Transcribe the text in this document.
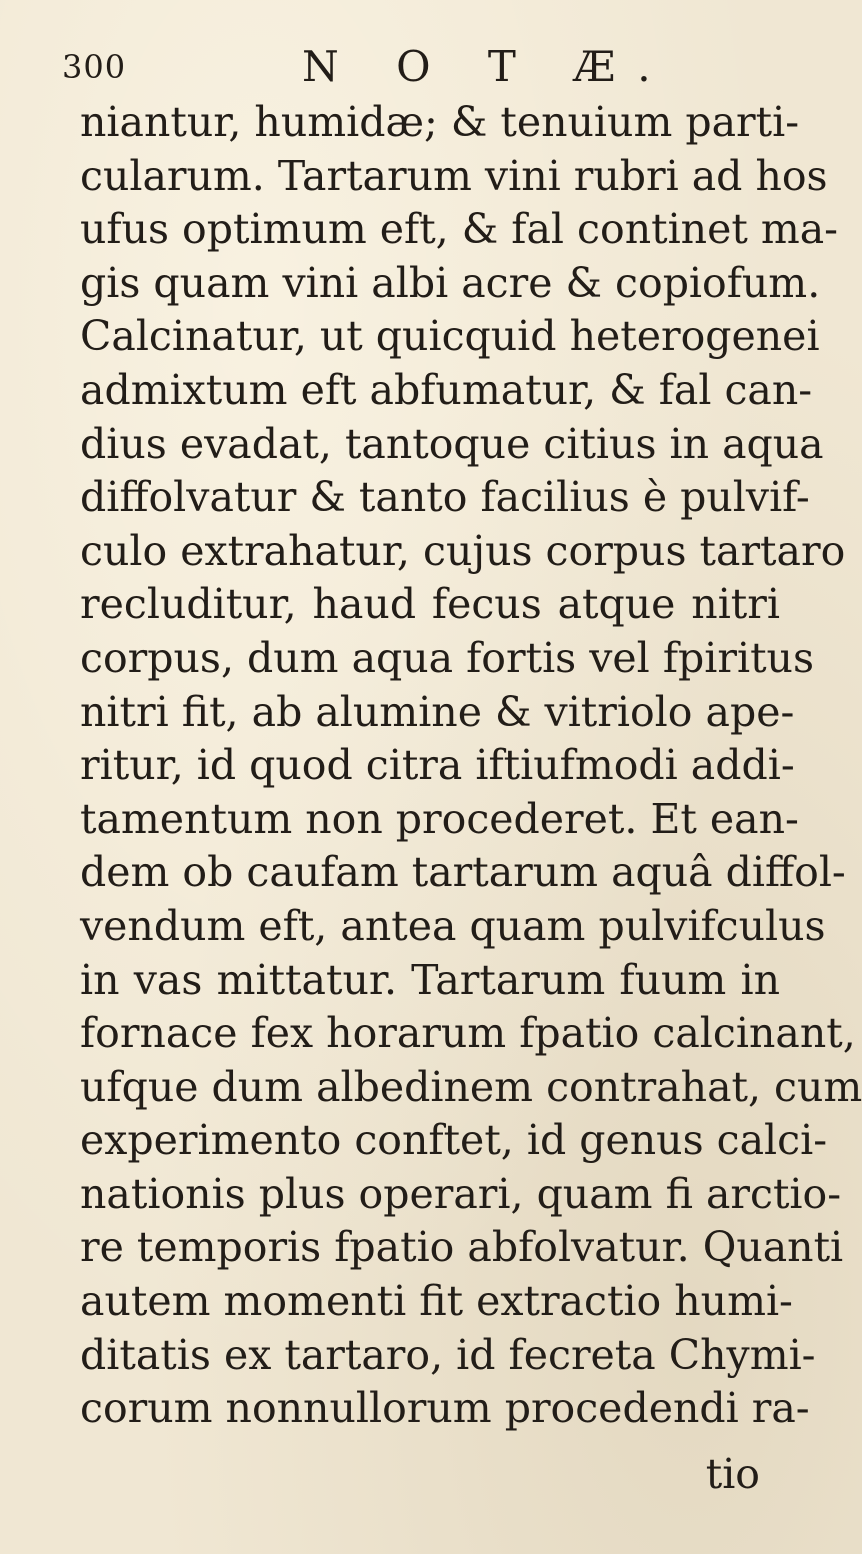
300	N O T Æ.
niantur, humidæ; & tenuium parti-
cularum. Tartarum vini rubri ad hos
ufus optimum eft, & fal continet ma-
gis quam vini albi acre & copiofum.
Calcinatur, ut quicquid heterogenei
admixtum eft abfumatur, & fal can-
dius evadat, tantoque citius in aqua
diffolvatur & tanto facilius è pulvif-
culo extrahatur, cujus corpus tartaro
recluditur, haud fecus atque nitri
corpus, dum aqua fortis vel fpiritus
nitri fit, ab alumine & vitriolo ape-
ritur, id quod citra iftiufmodi addi-
tamentum non procederet. Et ean-
dem ob caufam tartarum aquâ diffol-
vendum eft, antea quam pulvifculus
in vas mittatur. Tartarum fuum in
fornace fex horarum fpatio calcinant,
ufque dum albedinem contrahat, cum
experimento conftet, id genus calci-
nationis plus operari, quam fi arctio-
re temporis fpatio abfolvatur. Quanti
autem momenti fit extractio humi-
ditatis ex tartaro, id fecreta Chymi-
corum nonnullorum procedendi ra-
tio
